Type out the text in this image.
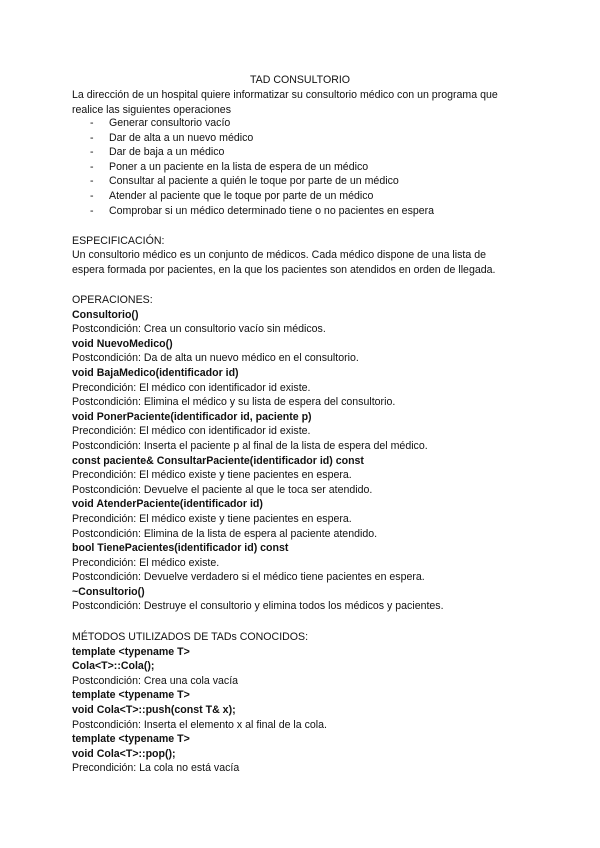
TAD CONSULTORIO
La dirección de un hospital quiere informatizar su consultorio médico con un programa que
realice las siguientes operaciones
-	Generar consultorio vacío
-	Dar de alta a un nuevo médico
-	Dar de baja a un médico
-	Poner a un paciente en la lista de espera de un médico
-	Consultar al paciente a quién le toque por parte de un médico
-	Atender al paciente que le toque por parte de un médico
-	Comprobar si un médico determinado tiene o no pacientes en espera
ESPECIFICACIÓN:
Un consultorio médico es un conjunto de médicos. Cada médico dispone de una lista de
espera formada por pacientes, en la que los pacientes son atendidos en orden de llegada.
OPERACIONES:
Consultorio()
Postcondición: Crea un consultorio vacío sin médicos.
void NuevoMedico()
Postcondición: Da de alta un nuevo médico en el consultorio.
void BajaMedico(identificador id)
Precondición: El médico con identificador id existe.
Postcondición: Elimina el médico y su lista de espera del consultorio.
void PonerPaciente(identificador id, paciente p)
Precondición: El médico con identificador id existe.
Postcondición: Inserta el paciente p al final de la lista de espera del médico.
const paciente& ConsultarPaciente(identificador id) const
Precondición: El médico existe y tiene pacientes en espera.
Postcondición: Devuelve el paciente al que le toca ser atendido.
void AtenderPaciente(identificador id)
Precondición: El médico existe y tiene pacientes en espera.
Postcondición: Elimina de la lista de espera al paciente atendido.
bool TienePacientes(identificador id) const
Precondición: El médico existe.
Postcondición: Devuelve verdadero si el médico tiene pacientes en espera.
~Consultorio()
Postcondición: Destruye el consultorio y elimina todos los médicos y pacientes.
MÉTODOS UTILIZADOS DE TADs CONOCIDOS:
template <typename T>
Cola<T>::Cola();
Postcondición: Crea una cola vacía
template <typename T>
void Cola<T>::push(const T& x);
Postcondición: Inserta el elemento x al final de la cola.
template <typename T>
void Cola<T>::pop();
Precondición: La cola no está vacía
